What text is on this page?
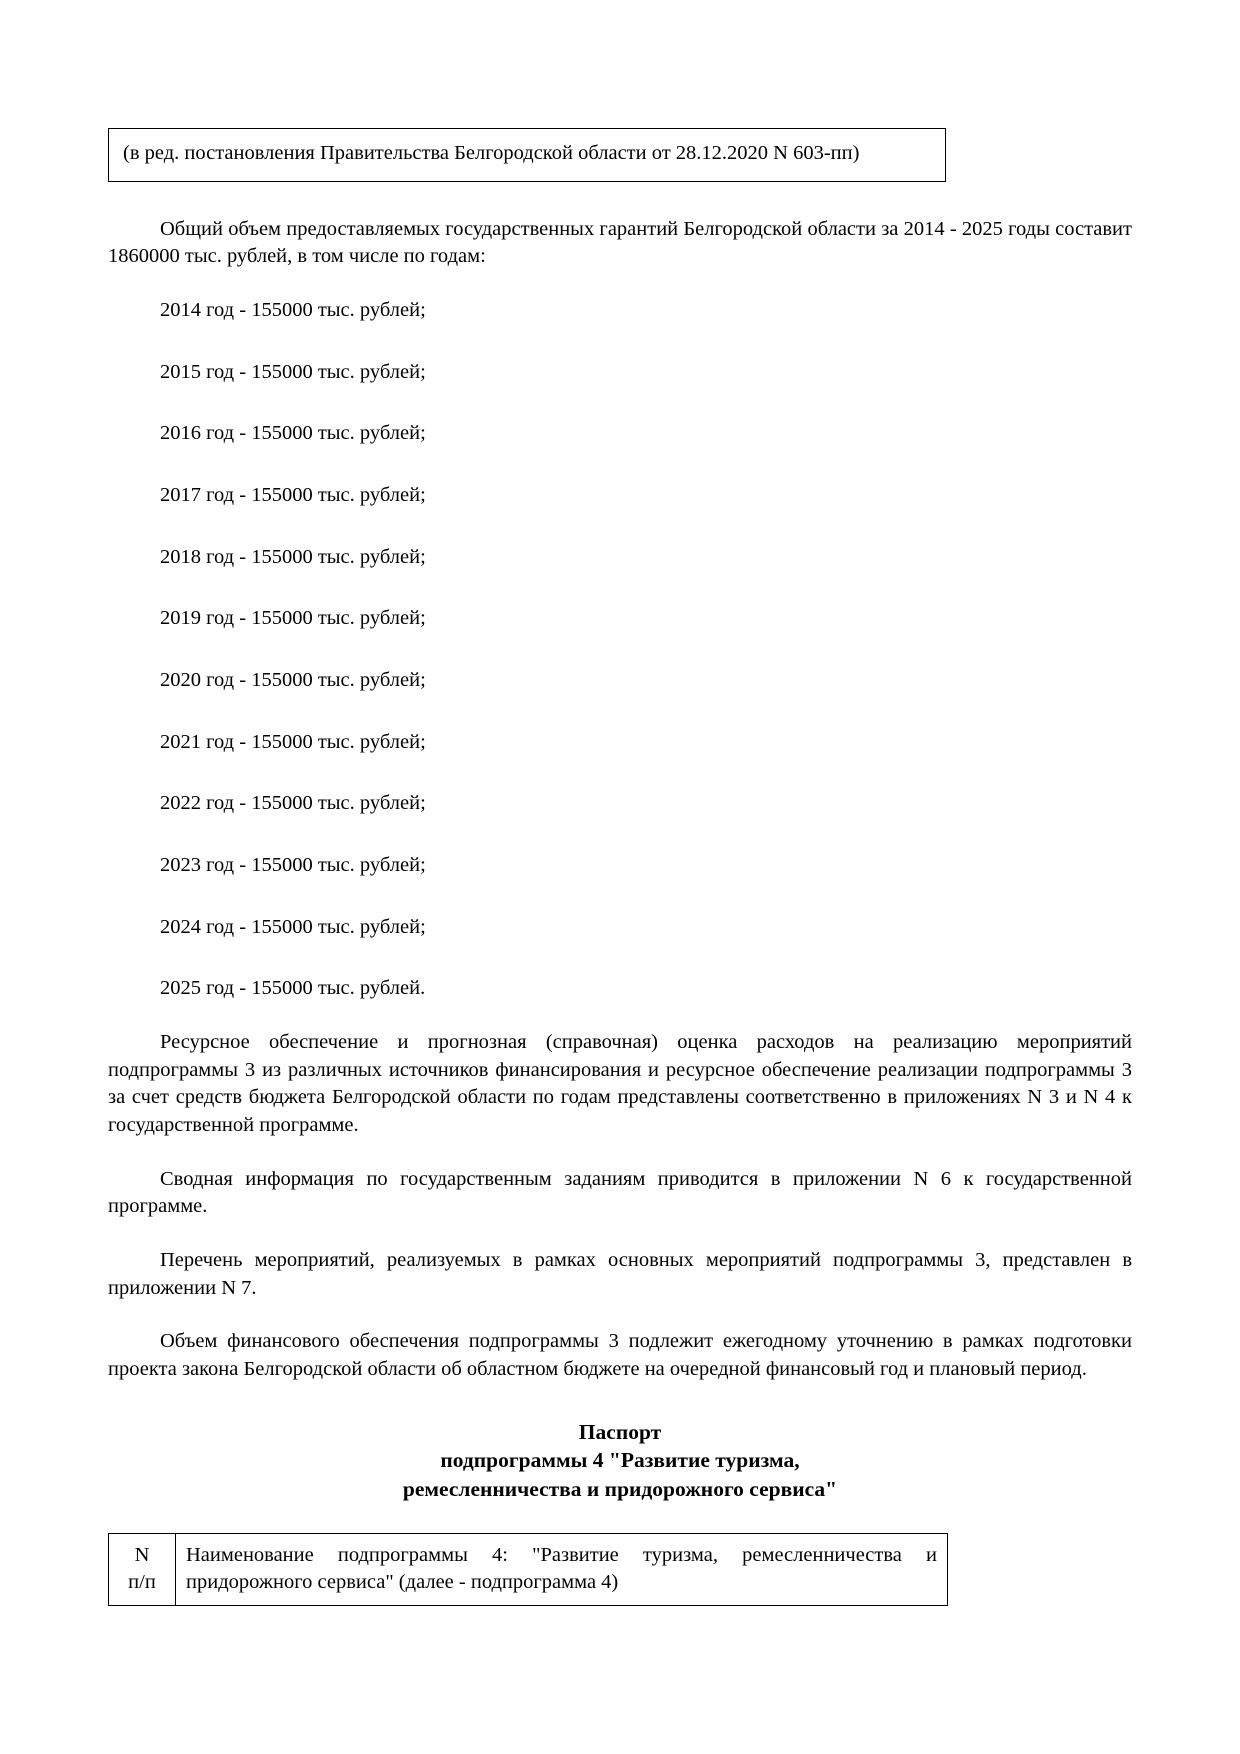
(в ред. постановления Правительства Белгородской области от 28.12.2020 N 603-пп)

Общий объем предоставляемых государственных гарантий Белгородской области за 2014 - 2025 годы составит 1860000 тыс. рублей, в том числе по годам:

2014 год - 155000 тыс. рублей;
2015 год - 155000 тыс. рублей;
2016 год - 155000 тыс. рублей;
2017 год - 155000 тыс. рублей;
2018 год - 155000 тыс. рублей;
2019 год - 155000 тыс. рублей;
2020 год - 155000 тыс. рублей;
2021 год - 155000 тыс. рублей;
2022 год - 155000 тыс. рублей;
2023 год - 155000 тыс. рублей;
2024 год - 155000 тыс. рублей;
2025 год - 155000 тыс. рублей.

Ресурсное обеспечение и прогнозная (справочная) оценка расходов на реализацию мероприятий подпрограммы 3 из различных источников финансирования и ресурсное обеспечение реализации подпрограммы 3 за счет средств бюджета Белгородской области по годам представлены соответственно в приложениях N 3 и N 4 к государственной программе.

Сводная информация по государственным заданиям приводится в приложении N 6 к государственной программе.

Перечень мероприятий, реализуемых в рамках основных мероприятий подпрограммы 3, представлен в приложении N 7.

Объем финансового обеспечения подпрограммы 3 подлежит ежегодному уточнению в рамках подготовки проекта закона Белгородской области об областном бюджете на очередной финансовый год и плановый период.

Паспорт
подпрограммы 4 "Развитие туризма,
ремесленничества и придорожного сервиса"
N
п/п
	Наименование подпрограммы 4: "Развитие туризма, ремесленничества и придорожного сервиса" (далее - подпрограмма 4)
